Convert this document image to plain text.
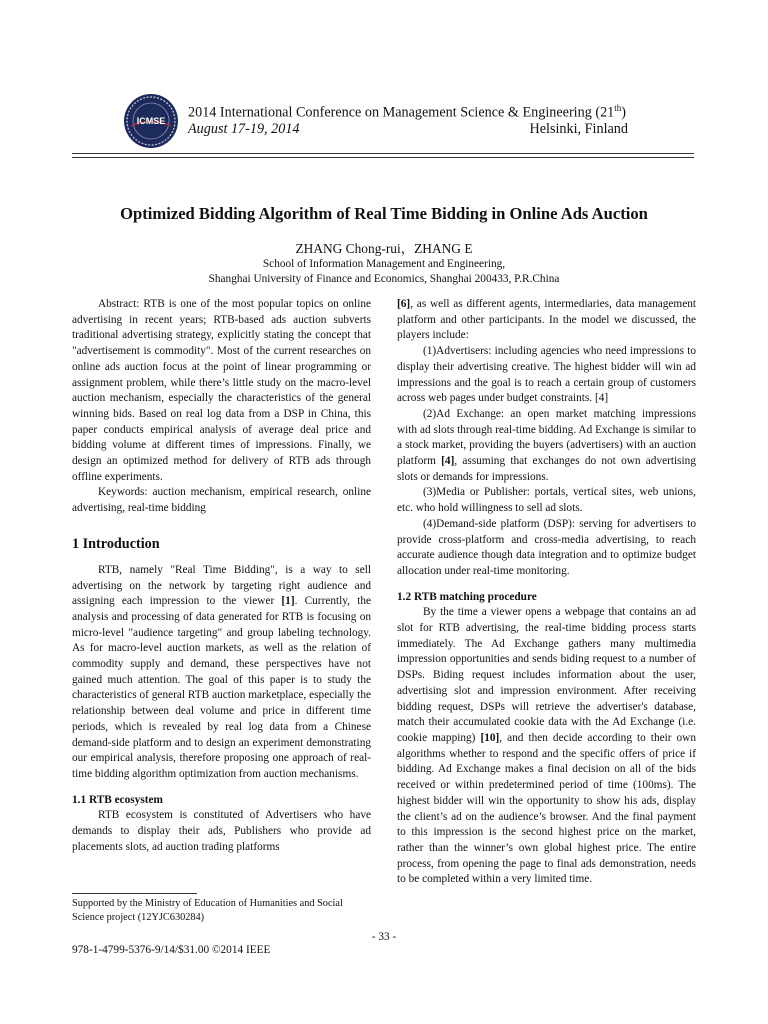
ICMSE
2014 International Conference on Management Science & Engineering (21th)
August 17-19, 2014	Helsinki, Finland
Optimized Bidding Algorithm of Real Time Bidding in Online Ads Auction
ZHANG Chong-rui，ZHANG E
School of Information Management and Engineering,
Shanghai University of Finance and Economics, Shanghai 200433, P.R.China

Abstract: RTB is one of the most popular topics on online advertising in recent years; RTB-based ads auction subverts traditional advertising strategy, explicitly stating the concept that "advertisement is commodity". Most of the current researches on online ads auction focus at the point of linear programming or assignment problem, while there’s little study on the macro-level auction mechanism, especially the characteristics of the general winning bids. Based on real log data from a DSP in China, this paper conducts empirical analysis of average deal price and bidding volume at different times of impressions. Finally, we design an optimized method for delivery of RTB ads through offline experiments.

Keywords: auction mechanism, empirical research, online advertising, real-time bidding

1 Introduction

RTB, namely "Real Time Bidding", is a way to sell advertising on the network by targeting right audience and assigning each impression to the viewer [1]. Currently, the analysis and processing of data generated for RTB is focusing on micro-level "audience targeting" and group labeling technology. As for macro-level auction markets, as well as the relation of commodity supply and demand, these perspectives have not gained much attention. The goal of this paper is to study the characteristics of general RTB auction marketplace, especially the relationship between deal volume and price in different time periods, which is revealed by real log data from a Chinese demand-side platform and to design an experiment demonstrating our empirical analysis, therefore proposing one approach of real-time bidding algorithm optimization from auction mechanisms.

1.1 RTB ecosystem

RTB ecosystem is constituted of Advertisers who have demands to display their ads, Publishers who provide ad placements slots, ad auction trading platforms

[6], as well as different agents, intermediaries, data management platform and other participants. In the model we discussed, the players include:

(1)Advertisers: including agencies who need impressions to display their advertising creative. The highest bidder will win ad impressions and the goal is to reach a certain group of customers across web pages under budget constraints. [4]

(2)Ad Exchange: an open market matching impressions with ad slots through real-time bidding. Ad Exchange is similar to a stock market, providing the buyers (advertisers) with an auction platform [4], assuming that exchanges do not own advertising slots or demands for impressions.

(3)Media or Publisher: portals, vertical sites, web unions, etc. who hold willingness to sell ad slots.

(4)Demand-side platform (DSP): serving for advertisers to provide cross-platform and cross-media advertising, to reach accurate audience though data integration and to optimize budget allocation under real-time monitoring.

1.2 RTB matching procedure

By the time a viewer opens a webpage that contains an ad slot for RTB advertising, the real-time bidding process starts immediately. The Ad Exchange gathers many multimedia impression opportunities and sends biding request to a number of DSPs. Biding request includes information about the user, advertising slot and impression environment. After receiving bidding request, DSPs will retrieve the advertiser's database, match their accumulated cookie data with the Ad Exchange (i.e. cookie mapping) [10], and then decide according to their own algorithms whether to respond and the specific offers of price if bidding. Ad Exchange makes a final decision on all of the bids received or within predetermined period of time (100ms). The highest bidder will win the opportunity to show his ads, display the client’s ad on the audience’s browser. And the final payment to this impression is the second highest price on the market, rather than the winner’s own global highest price. The entire process, from opening the page to final ads demonstration, needs to be completed within a very limited time.

Supported by the Ministry of Education of Humanities and Social Science project (12YJC630284)
- 33 -
978-1-4799-5376-9/14/$31.00 ©2014 IEEE
